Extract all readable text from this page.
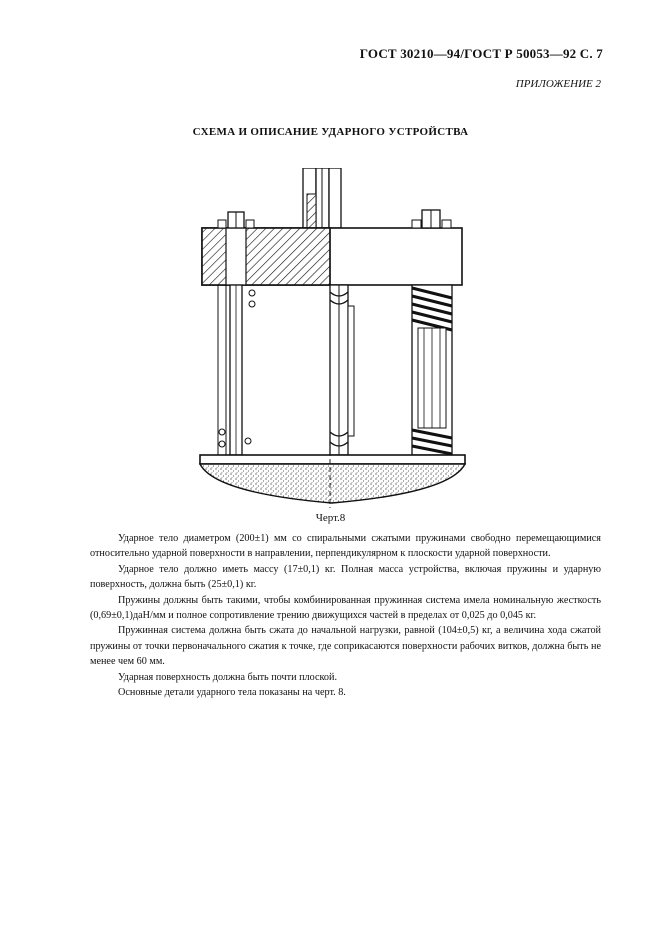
ГОСТ 30210—94/ГОСТ Р 50053—92 С. 7
ПРИЛОЖЕНИЕ 2
СХЕМА И ОПИСАНИЕ УДАРНОГО УСТРОЙСТВА
Черт.8

Ударное тело диаметром (200±1) мм со спиральными сжатыми пружинами свободно перемещающимися относительно ударной поверхности в направлении, перпендикулярном к плоскости ударной поверхности.

Ударное тело должно иметь массу (17±0,1) кг. Полная масса устройства, включая пружины и ударную поверхность, должна быть (25±0,1) кг.

Пружины должны быть такими, чтобы комбинированная пружинная система имела номинальную жесткость (0,69±0,1)даН/мм и полное сопротивление трению движущихся частей в пределах от 0,025 до 0,045 кг.

Пружинная система должна быть сжата до начальной нагрузки, равной (104±0,5) кг, а величина хода сжатой пружины от точки первоначального сжатия к точке, где соприкасаются поверхности рабочих витков, должна быть не менее чем 60 мм.

Ударная поверхность должна быть почти плоской.

Основные детали ударного тела показаны на черт. 8.
